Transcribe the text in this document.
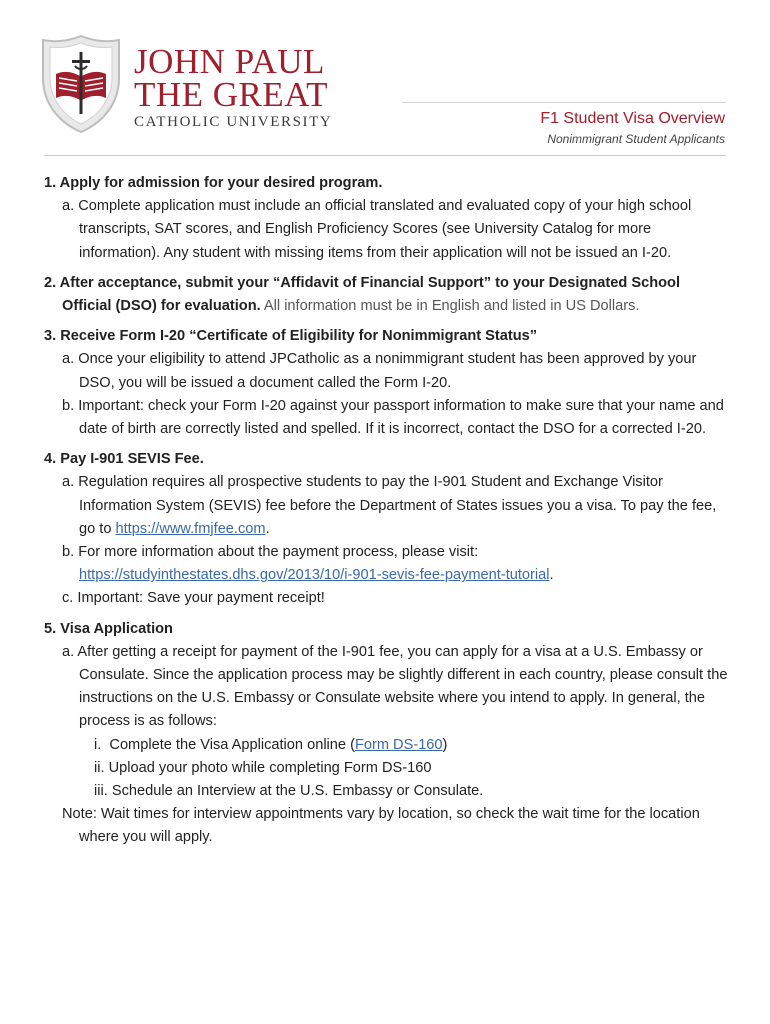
JOHN PAUL
THE GREAT
CATHOLIC UNIVERSITY	F1 Student Visa Overview
Nonimmigrant Student Applicants
1. Apply for admission for your desired program.
a. Complete application must include an official translated and evaluated copy of your high school transcripts, SAT scores, and English Proficiency Scores (see University Catalog for more information). Any student with missing items from their application will not be issued an I-20.
2. After acceptance, submit your “Affidavit of Financial Support” to your Designated School Official (DSO) for evaluation. All information must be in English and listed in US Dollars.
3. Receive Form I-20 “Certificate of Eligibility for Nonimmigrant Status”
a. Once your eligibility to attend JPCatholic as a nonimmigrant student has been approved by your DSO, you will be issued a document called the Form I-20.
b. Important: check your Form I-20 against your passport information to make sure that your name and date of birth are correctly listed and spelled. If it is incorrect, contact the DSO for a corrected I-20.
4. Pay I-901 SEVIS Fee.
a. Regulation requires all prospective students to pay the I-901 Student and Exchange Visitor Information System (SEVIS) fee before the Department of States issues you a visa. To pay the fee, go to https://www.fmjfee.com.
b. For more information about the payment process, please visit: https://studyinthestates.dhs.gov/2013/10/i-901-sevis-fee-payment-tutorial.
c. Important: Save your payment receipt!
5. Visa Application
a. After getting a receipt for payment of the I-901 fee, you can apply for a visa at a U.S. Embassy or Consulate. Since the application process may be slightly different in each country, please consult the instructions on the U.S. Embassy or Consulate website where you intend to apply. In general, the process is as follows:
i.  Complete the Visa Application online (Form DS-160)
ii. Upload your photo while completing Form DS-160
iii. Schedule an Interview at the U.S. Embassy or Consulate.
Note: Wait times for interview appointments vary by location, so check the wait time for the location where you will apply.
